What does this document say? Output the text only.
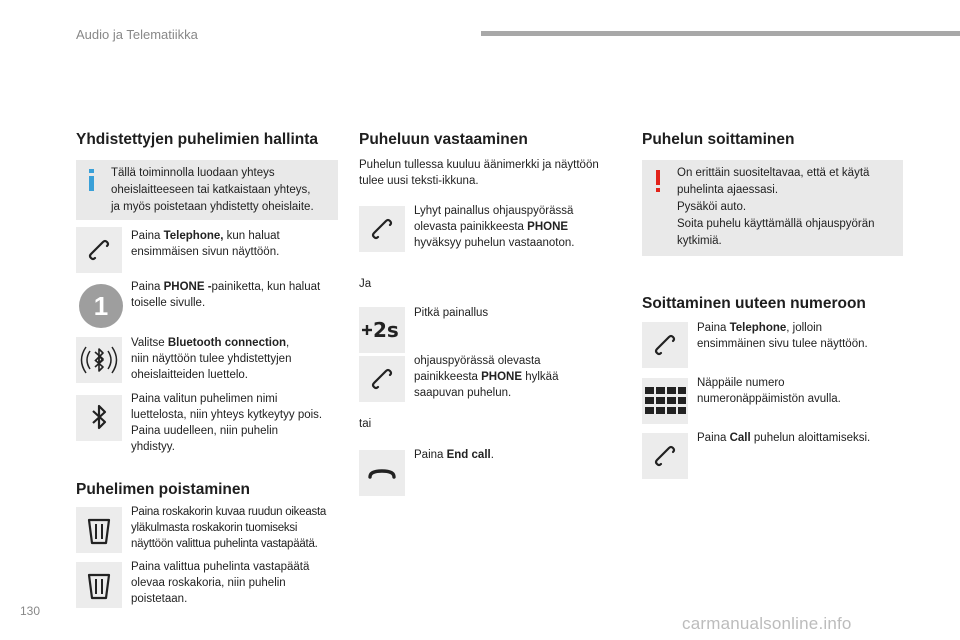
Audio ja Telematiikka
130
carmanualsonline.info
Yhdistettyjen puhelimien hallinta
Tällä toiminnolla luodaan yhteys
oheislaitteeseen tai katkaistaan yhteys,
ja myös poistetaan yhdistetty oheislaite.
Paina Telephone, kun haluat
ensimmäisen sivun näyttöön.
1
Paina PHONE -painiketta, kun haluat
toiselle sivulle.
Valitse Bluetooth connection,
niin näyttöön tulee yhdistettyjen
oheislaitteiden luettelo.
Paina valitun puhelimen nimi
luettelosta, niin yhteys kytkeytyy pois.
Paina uudelleen, niin puhelin
yhdistyy.
Puhelimen poistaminen
Paina roskakorin kuvaa ruudun oikeasta
yläkulmasta roskakorin tuomiseksi
näyttöön valittua puhelinta vastapäätä.
Paina valittua puhelinta vastapäätä
olevaa roskakoria, niin puhelin
poistetaan.
Puheluun vastaaminen
Puhelun tullessa kuuluu äänimerkki ja näyttöön
tulee uusi teksti-ikkuna.
Lyhyt painallus ohjauspyörässä
olevasta painikkeesta PHONE
hyväksyy puhelun vastaanoton.
Ja
2s
Pitkä painallus
ohjauspyörässä olevasta
painikkeesta PHONE hylkää
saapuvan puhelun.
tai
Paina End call.
Puhelun soittaminen
On erittäin suositeltavaa, että et käytä
puhelinta ajaessasi.
Pysäköi auto.
Soita puhelu käyttämällä ohjauspyörän
kytkimiä.
Soittaminen uuteen numeroon
Paina Telephone, jolloin
ensimmäinen sivu tulee näyttöön.
Näppäile numero
numeronäppäimistön avulla.
Paina Call puhelun aloittamiseksi.
